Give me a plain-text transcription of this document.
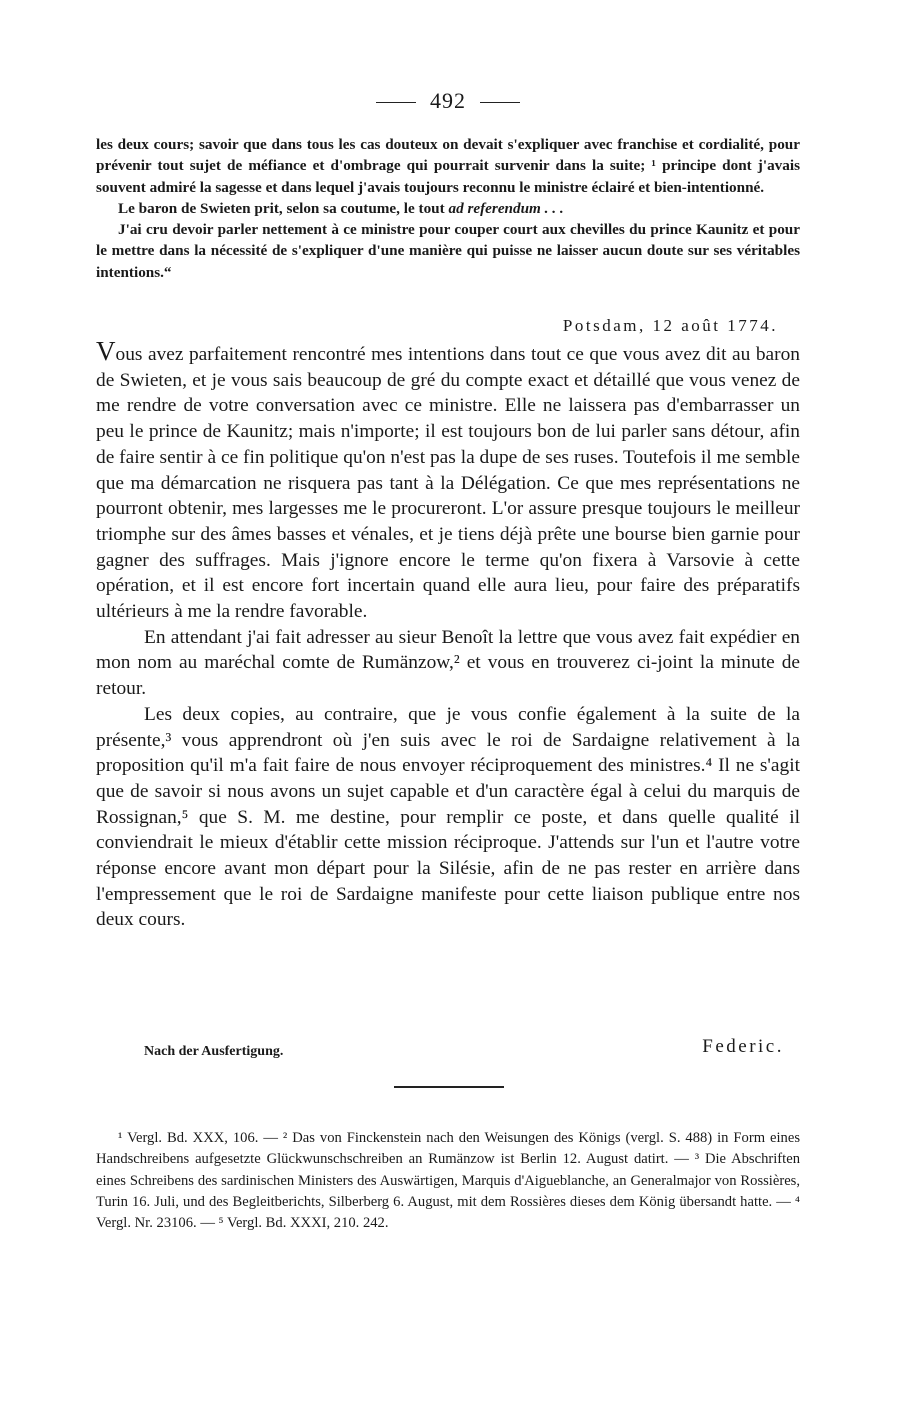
492

les deux cours; savoir que dans tous les cas douteux on devait s'expliquer avec franchise et cordialité, pour prévenir tout sujet de méfiance et d'ombrage qui pourrait survenir dans la suite; ¹ principe dont j'avais souvent admiré la sagesse et dans lequel j'avais toujours reconnu le ministre éclairé et bien-intentionné.

Le baron de Swieten prit, selon sa coutume, le tout ad referendum . . .

J'ai cru devoir parler nettement à ce ministre pour couper court aux chevilles du prince Kaunitz et pour le mettre dans la nécessité de s'expliquer d'une manière qui puisse ne laisser aucun doute sur ses véritables intentions.“

Potsdam, 12 août 1774.

Vous avez parfaitement rencontré mes intentions dans tout ce que vous avez dit au baron de Swieten, et je vous sais beaucoup de gré du compte exact et détaillé que vous venez de me rendre de votre conversation avec ce ministre. Elle ne laissera pas d'embarrasser un peu le prince de Kaunitz; mais n'importe; il est toujours bon de lui parler sans détour, afin de faire sentir à ce fin politique qu'on n'est pas la dupe de ses ruses. Toutefois il me semble que ma démarcation ne risquera pas tant à la Délégation. Ce que mes représentations ne pourront obtenir, mes largesses me le procureront. L'or assure presque toujours le meilleur triomphe sur des âmes basses et vénales, et je tiens déjà prête une bourse bien garnie pour gagner des suffrages. Mais j'ignore encore le terme qu'on fixera à Varsovie à cette opération, et il est encore fort incertain quand elle aura lieu, pour faire des préparatifs ultérieurs à me la rendre favorable.

En attendant j'ai fait adresser au sieur Benoît la lettre que vous avez fait expédier en mon nom au maréchal comte de Rumänzow,² et vous en trouverez ci-joint la minute de retour.

Les deux copies, au contraire, que je vous confie également à la suite de la présente,³ vous apprendront où j'en suis avec le roi de Sardaigne relativement à la proposition qu'il m'a fait faire de nous envoyer réciproquement des ministres.⁴ Il ne s'agit que de savoir si nous avons un sujet capable et d'un caractère égal à celui du marquis de Rossignan,⁵ que S. M. me destine, pour remplir ce poste, et dans quelle qualité il conviendrait le mieux d'établir cette mission réciproque. J'attends sur l'un et l'autre votre réponse encore avant mon départ pour la Silésie, afin de ne pas rester en arrière dans l'empressement que le roi de Sardaigne manifeste pour cette liaison publique entre nos deux cours.

Nach der Ausfertigung.	Federic.

¹ Vergl. Bd. XXX, 106. — ² Das von Finckenstein nach den Weisungen des Königs (vergl. S. 488) in Form eines Handschreibens aufgesetzte Glückwunschschreiben an Rumänzow ist Berlin 12. August datirt. — ³ Die Abschriften eines Schreibens des sardinischen Ministers des Auswärtigen, Marquis d'Aigueblanche, an Generalmajor von Rossières, Turin 16. Juli, und des Begleitberichts, Silberberg 6. August, mit dem Rossières dieses dem König übersandt hatte. — ⁴ Vergl. Nr. 23106. — ⁵ Vergl. Bd. XXXI, 210. 242.
